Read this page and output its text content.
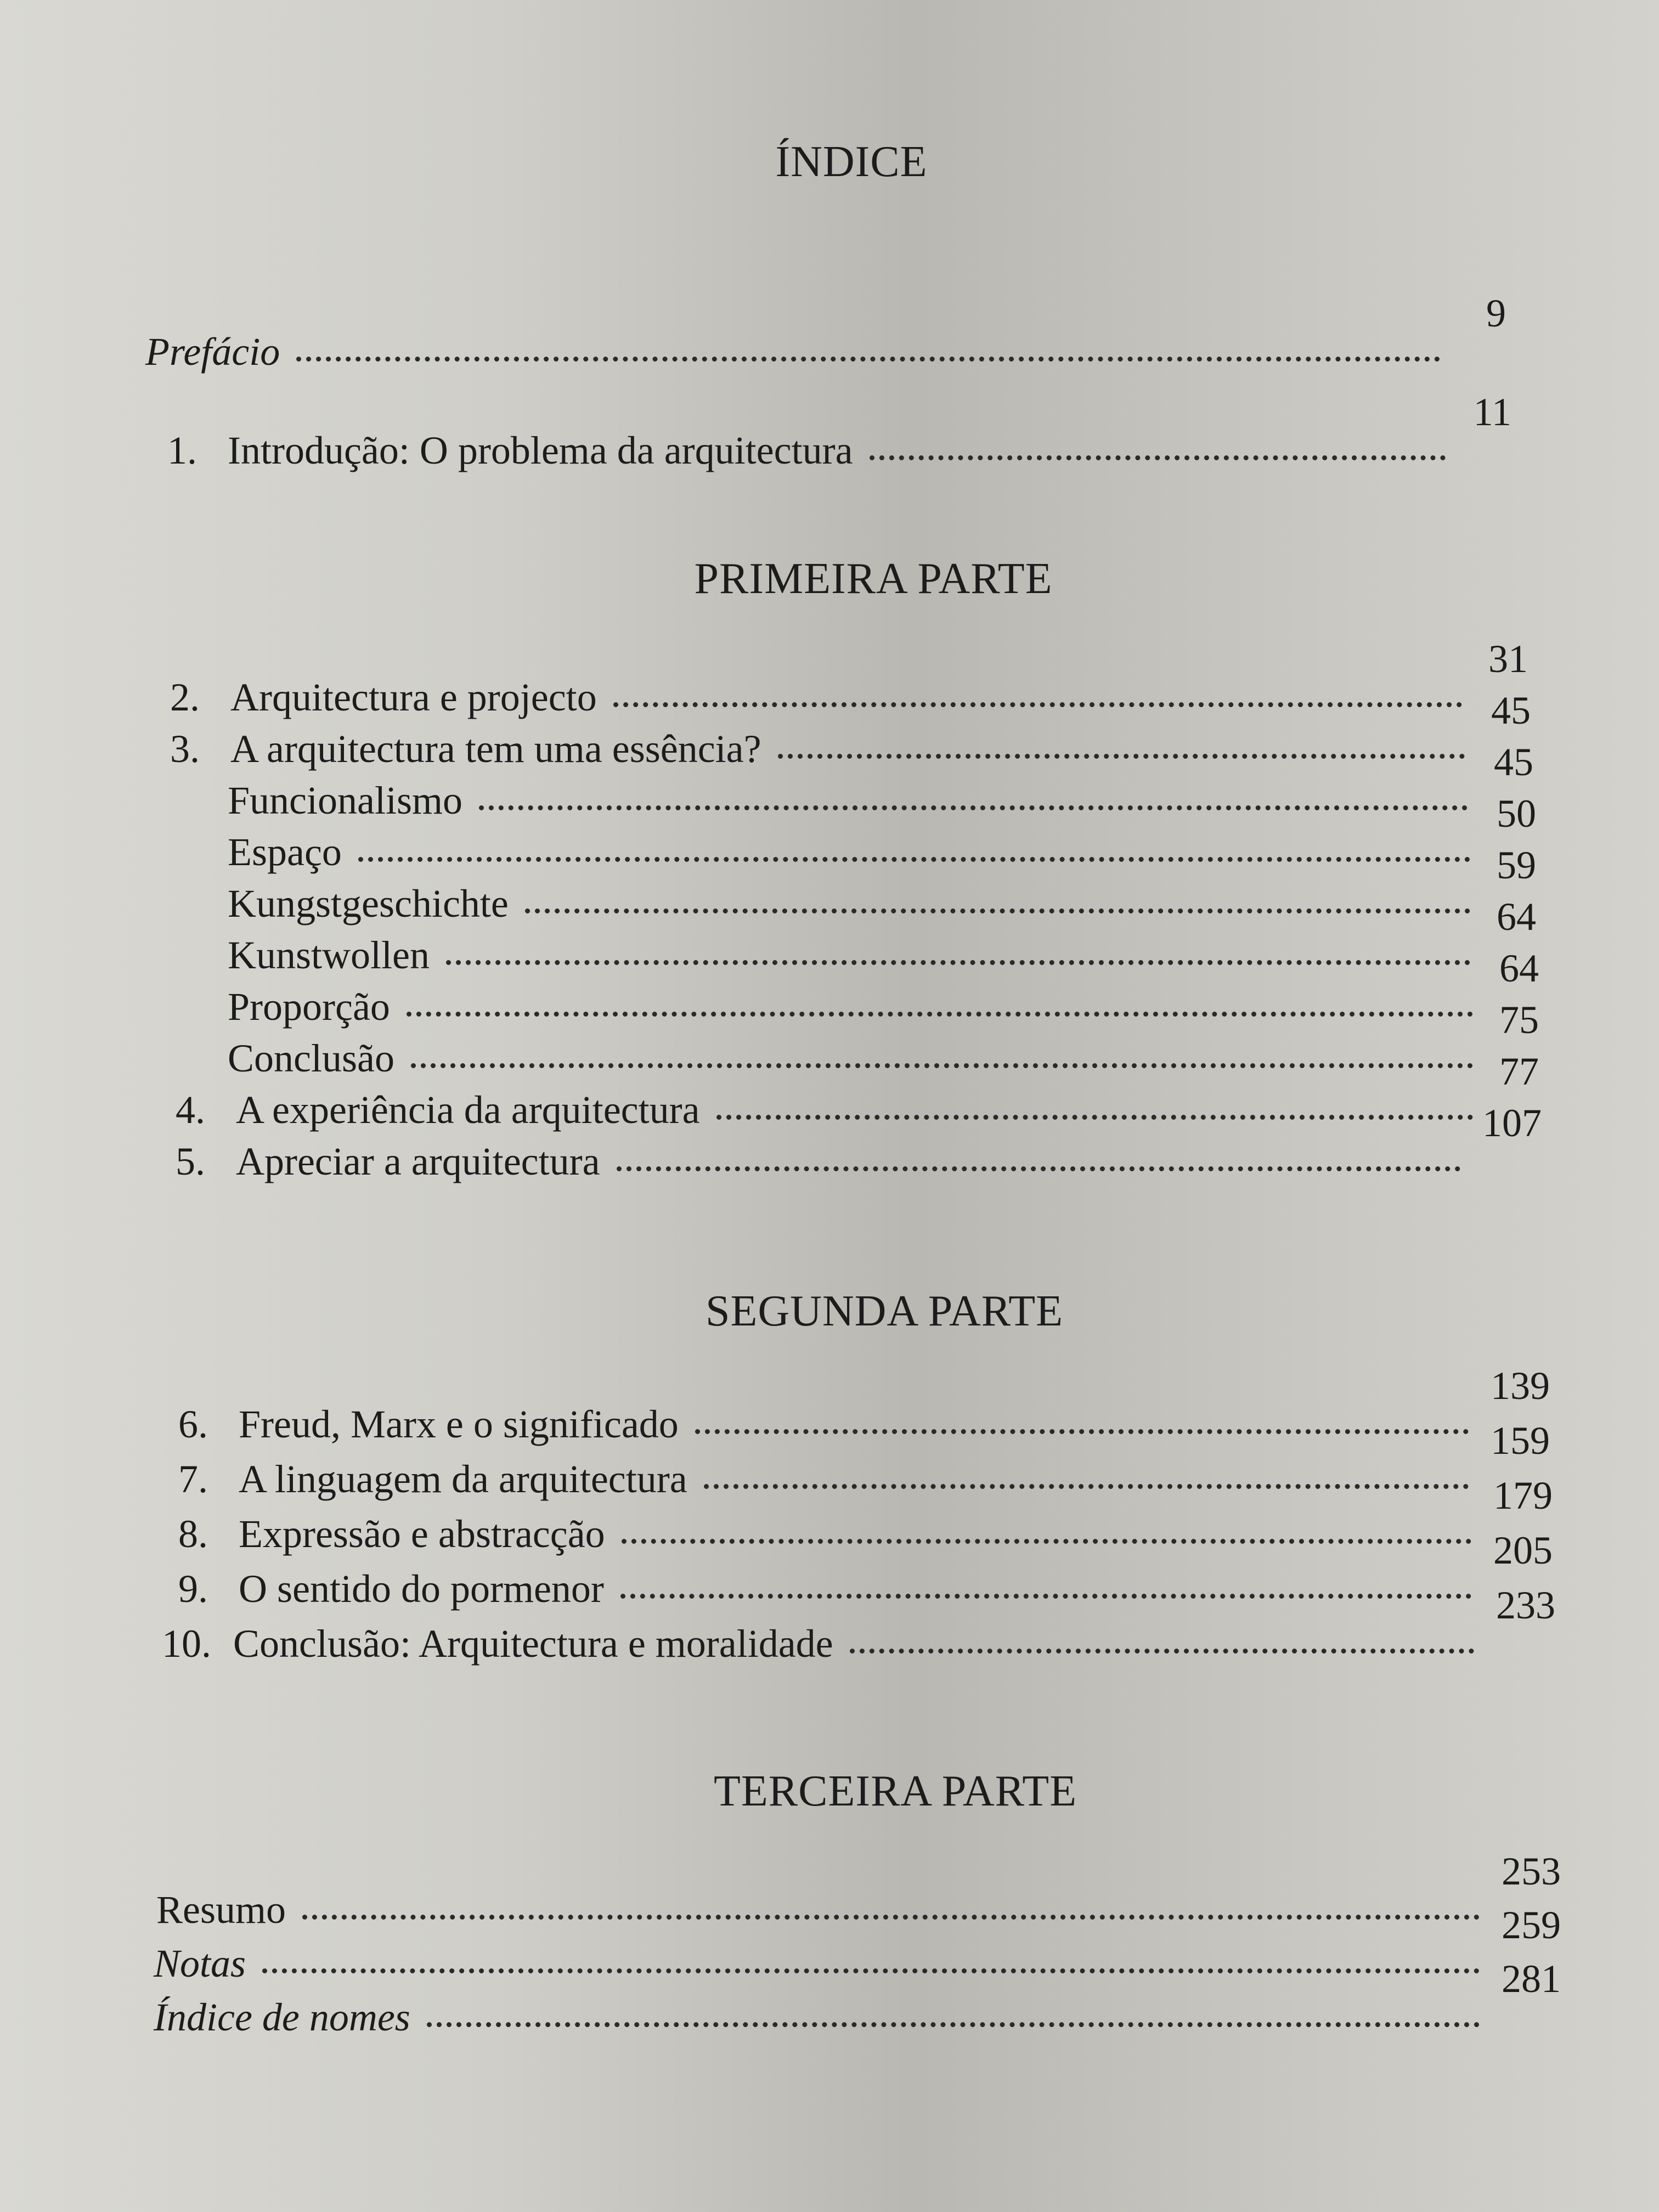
ÍNDICE
Prefácio
9
1. Introdução: O problema da arquitectura
11
PRIMEIRA PARTE
2. Arquitectura e projecto
31
3. A arquitectura tem uma essência?
45
Funcionalismo
45
Espaço
50
Kungstgeschichte
59
Kunstwollen
64
Proporção
64
Conclusão
75
4. A experiência da arquitectura
77
5. Apreciar a arquitectura
107
SEGUNDA PARTE
6. Freud, Marx e o significado
139
7. A linguagem da arquitectura
159
8. Expressão e abstracção
179
9. O sentido do pormenor
205
10. Conclusão: Arquitectura e moralidade
233
TERCEIRA PARTE
Resumo
253
Notas
259
Índice de nomes
281
